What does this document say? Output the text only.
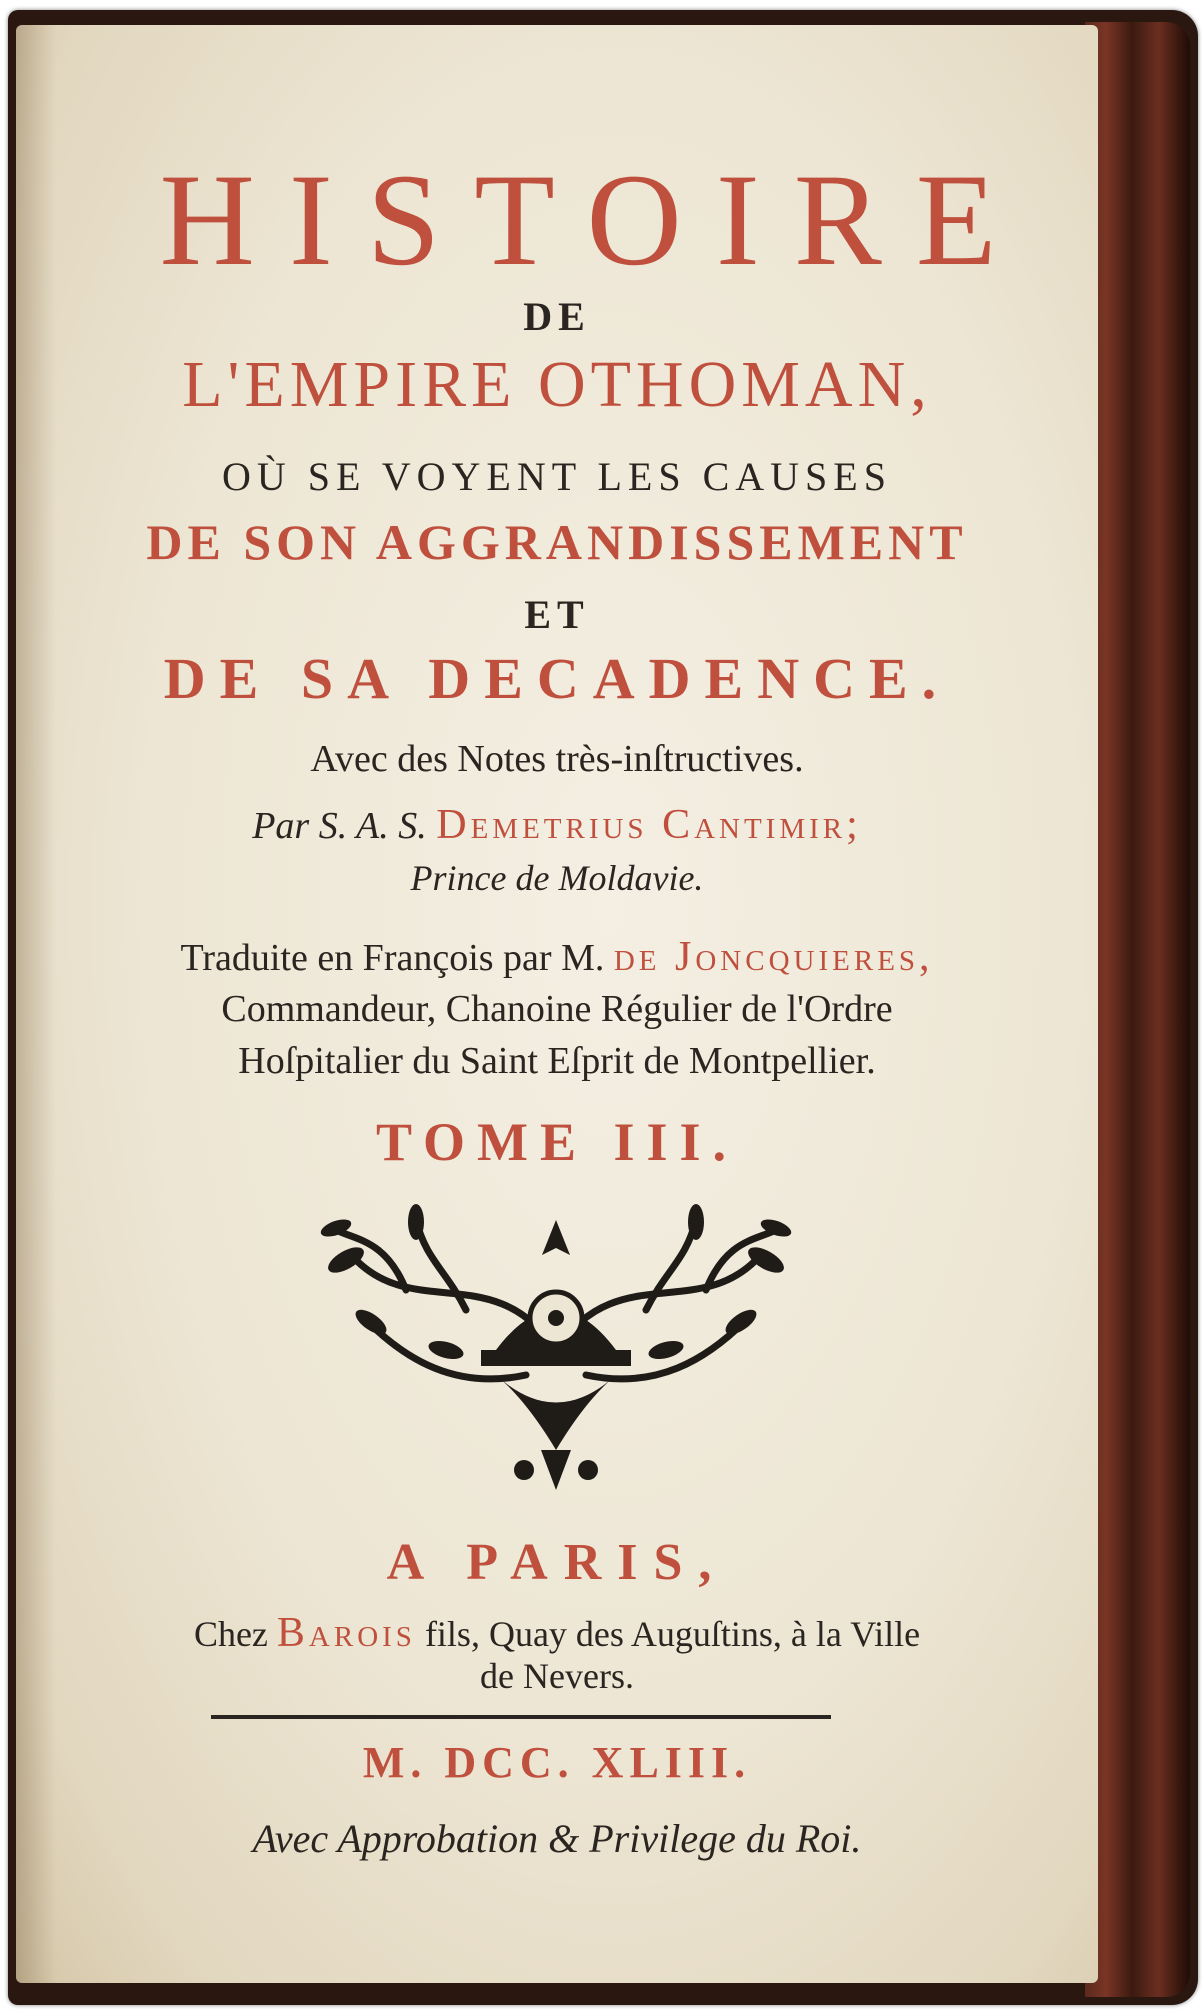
HISTOIRE
DE
L'EMPIRE OTHOMAN,
OÙ SE VOYENT LES CAUSES
DE SON AGGRANDISSEMENT
ET
DE SA DECADENCE.
Avec des Notes très-inſtructives.
Par S. A. S. Demetrius Cantimir;
Prince de Moldavie.
Traduite en François par M. de Joncquieres,
Commandeur, Chanoine Régulier de l'Ordre
Hoſpitalier du Saint Eſprit de Montpellier.
TOME III.
A PARIS,
Chez Barois fils, Quay des Auguſtins, à la Ville
de Nevers.
M. DCC. XLIII.
Avec Approbation & Privilege du Roi.
